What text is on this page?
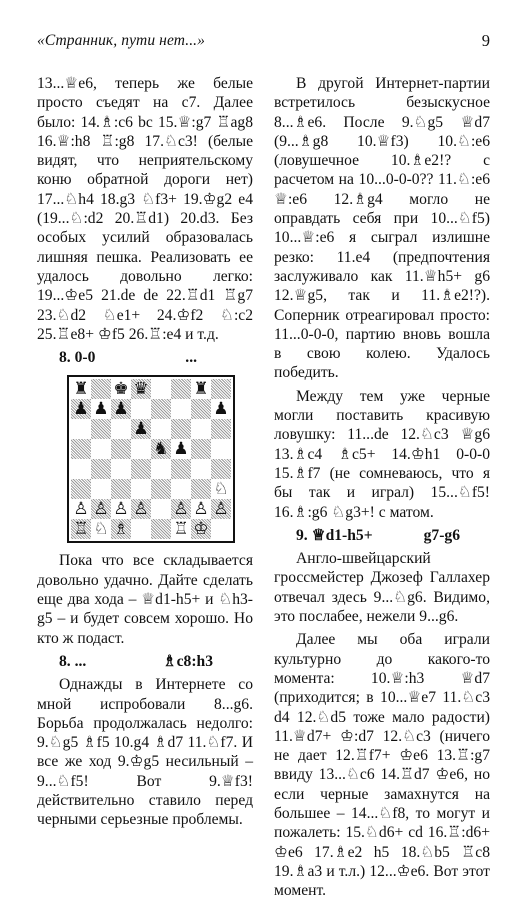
«Странник, пути нет...»	9

13...♕e6, теперь же белые просто съедят на с7. Далее было: 14.♗:c6 bc 15.♕:g7 ♖ag8 16.♕:h8 ♖:g8 17.♘c3! (белые видят, что неприятельскому коню обратной дороги нет) 17...♘h4 18.g3 ♘f3+ 19.♔g2 e4 (19...♘:d2 20.♖d1) 20.d3. Без особых усилий образовалась лишняя пешка. Реализовать ее удалось довольно легко: 19...♔e5 21.de de 22.♖d1 ♖g7 23.♘d2 ♘e1+ 24.♔f2 ♘:c2 25.♖e8+ ♔f5 26.♖:e4 и т.д.

8. 0-0	...
♜ ♚ ♛	♜
♟ ♟ ♟	♟
♟
♞ ♟
♘
♙ ♙ ♙ ♙ ♙ ♙ ♙
♖ ♘ ♗	♖ ♔

Пока что все складывается довольно удачно. Дайте сделать еще два хода – ♕d1-h5+ и ♘h3-g5 – и будет совсем хорошо. Но кто ж подаст.

8. ...	♗c8:h3

Однажды в Интернете со мной испробовали 8...g6. Борьба продолжалась недолго: 9.♘g5 ♗f5 10.g4 ♗d7 11.♘f7. И все же ход 9.♔g5 несильный – 9...♘f5! Вот 9.♕f3! действительно ставило перед черными серьезные проблемы.

В другой Интернет-партии встретилось безыскусное 8...♗e6. После 9.♘g5 ♕d7 (9...♗g8 10.♕f3) 10.♘:e6 (ловушечное 10.♗e2!? с расчетом на 10...0-0-0?? 11.♘:e6 ♕:e6 12.♗g4 могло не оправдать себя при 10...♘f5) 10...♕:e6 я сыграл излишне резко: 11.e4 (предпочтения заслуживало как 11.♕h5+ g6 12.♕g5, так и 11.♗e2!?). Соперник отреагировал просто: 11...0-0-0, партию вновь вошла в свою колею. Удалось победить.

Между тем уже черные могли поставить красивую ловушку: 11...de 12.♘c3 ♕g6 13.♗c4 ♗c5+ 14.♔h1 0-0-0 15.♗f7 (не сомневаюсь, что я бы так и играл) 15...♘f5! 16.♗:g6 ♘g3+! с матом.

9. ♕d1-h5+	g7-g6

Англо-швейцарский гроссмейстер Джозеф Галлахер отвечал здесь 9...♘g6. Видимо, это послабее, нежели 9...g6.

Далее мы оба играли культурно до какого-то момента: 10.♕:h3 ♕d7 (приходится; в 10...♕e7 11.♘c3 d4 12.♘d5 тоже мало радости) 11.♕d7+ ♔:d7 12.♘c3 (ничего не дает 12.♖f7+ ♔e6 13.♖:g7 ввиду 13...♘c6 14.♖d7 ♔e6, но если черные замахнутся на большее – 14...♘f8, то могут и пожалеть: 15.♘d6+ cd 16.♖:d6+ ♔e6 17.♗e2 h5 18.♘b5 ♖c8 19.♗a3 и т.л.) 12...♔e6. Вот этот момент.
